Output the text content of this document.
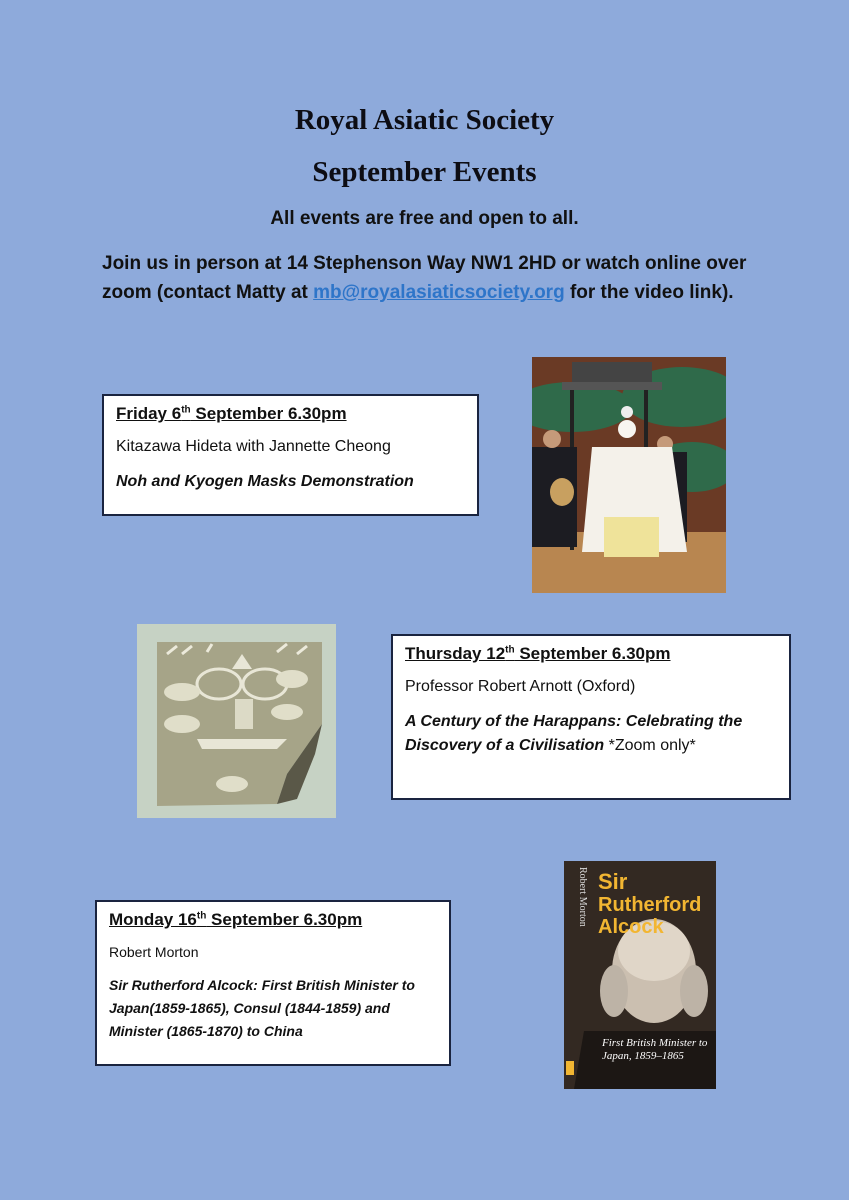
Royal Asiatic Society
September Events
All events are free and open to all.
Join us in person at 14 Stephenson Way NW1 2HD or watch online over zoom (contact Matty at mb@royalasiaticsociety.org for the video link).
Friday 6th September 6.30pm
Kitazawa Hideta with Jannette Cheong
Noh and Kyogen Masks Demonstration
Thursday 12th September 6.30pm
Professor Robert Arnott (Oxford)
A Century of the Harappans: Celebrating the Discovery of a Civilisation *Zoom only*
Sir
Rutherford
Alcock
Robert Morton
First British Minister to Japan, 1859–1865
Monday 16th September 6.30pm
Robert Morton
Sir Rutherford Alcock: First British Minister to Japan(1859-1865), Consul (1844-1859) and Minister (1865-1870) to China
